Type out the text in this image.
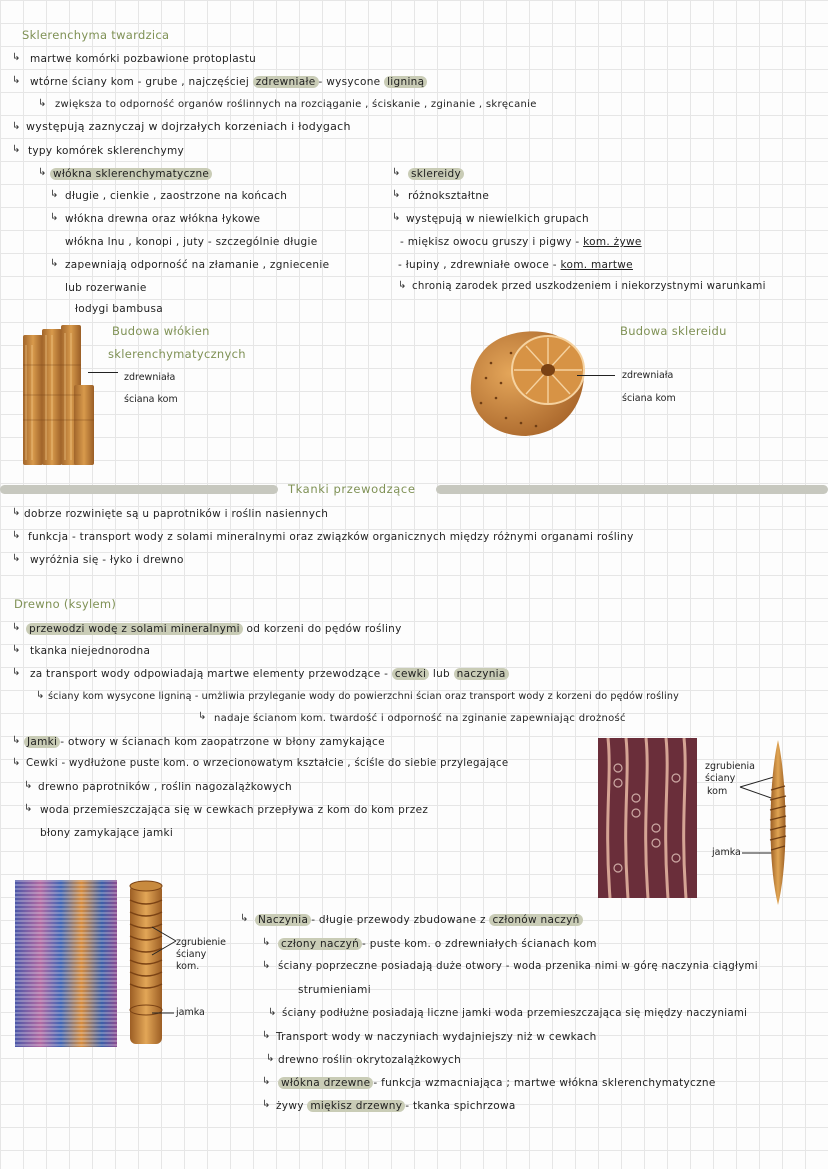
Sklerenchyma twardzica
↳ martwe komórki pozbawione protoplastu
↳ wtórne ściany kom - grube , najczęściej zdrewniałe - wysycone ligniną
↳ zwiększa to odporność organów roślinnych na rozciąganie , ściskanie , zginanie , skręcanie
↳ występują zaznyczaj w dojrzałych korzeniach i łodygach
↳ typy komórek sklerenchymy
↳ włókna sklerenchymatyczne
↳ długie , cienkie , zaostrzone na końcach
↳ włókna drewna oraz włókna łykowe
włókna lnu , konopi , juty - szczególnie długie
↳ zapewniają odporność na złamanie , zgniecenie
lub rozerwanie
łodygi bambusa
↳ sklereidy
↳ różnokształtne
↳ występują w niewielkich grupach
- miękisz owocu gruszy i pigwy - kom. żywe
- łupiny , zdrewniałe owoce - kom. martwe
↳ chronią zarodek przed uszkodzeniem i niekorzystnymi warunkami
Budowa włókien
sklerenchymatycznych
zdrewniała
ściana kom
Budowa sklereidu
zdrewniała
ściana kom
Tkanki przewodzące
↳ dobrze rozwinięte są u paprotników i roślin nasiennych
↳ funkcja - transport wody z solami mineralnymi oraz związków organicznych między różnymi organami rośliny
↳ wyróżnia się - łyko i drewno
Drewno (ksylem)
↳ przewodzi wodę z solami mineralnymi od korzeni do pędów rośliny
↳ tkanka niejednorodna
↳ za transport wody odpowiadają martwe elementy przewodzące - cewki lub naczynia
↳ ściany kom wysycone ligniną - umżliwia przyleganie wody do powierzchni ścian oraz transport wody z korzeni do pędów rośliny
↳ nadaje ścianom kom. twardość i odporność na zginanie zapewniając drożność
↳ Jamki - otwory w ścianach kom zaopatrzone w błony zamykające
↳ Cewki - wydłużone puste kom. o wrzecionowatym kształcie , ściśle do siebie przylegające
↳ drewno paprotników , roślin nagozalążkowych
↳ woda przemieszczająca się w cewkach przepływa z kom do kom przez
błony zamykające jamki
zgrubienia
ściany
kom
jamka
zgrubienie
ściany
kom.
jamka
↳ Naczynia - długie przewody zbudowane z członów naczyń
↳ człony naczyń - puste kom. o zdrewniałych ścianach kom
↳ ściany poprzeczne posiadają duże otwory - woda przenika nimi w górę naczynia ciągłymi
strumieniami
↳ ściany podłużne posiadają liczne jamki woda przemieszczająca się między naczyniami
↳ Transport wody w naczyniach wydajniejszy niż w cewkach
↳ drewno roślin okrytozalążkowych
↳ włókna drzewne - funkcja wzmacniająca ; martwe włókna sklerenchymatyczne
↳ żywy miękisz drzewny - tkanka spichrzowa
